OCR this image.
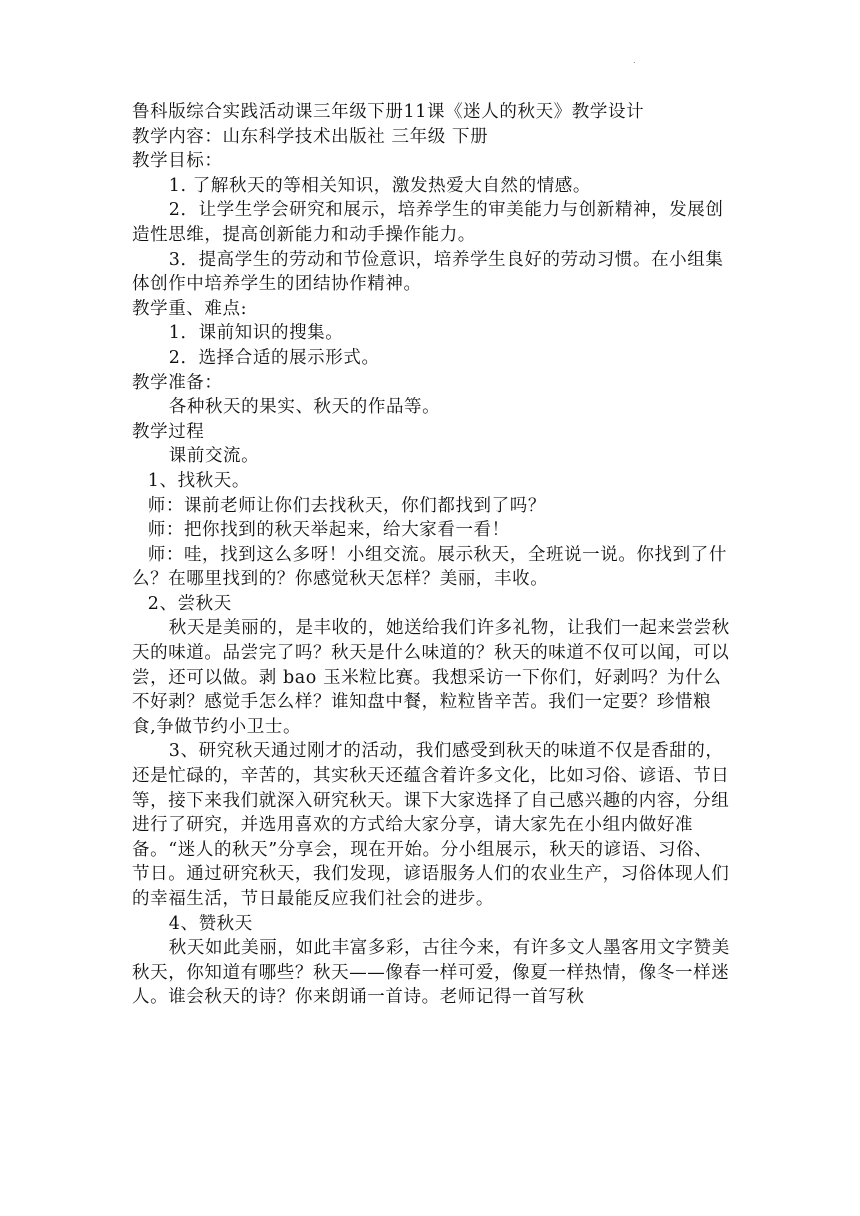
.

鲁科版综合实践活动课三年级下册11课《迷人的秋天》教学设计

教学内容：山东科学技术出版社 三年级 下册

教学目标：

1. 了解秋天的等相关知识，激发热爱大自然的情感。

2．让学生学会研究和展示，培养学生的审美能力与创新精神，发展创造性思维，提高创新能力和动手操作能力。

3．提高学生的劳动和节俭意识，培养学生良好的劳动习惯。在小组集体创作中培养学生的团结协作精神。

教学重、难点:

1．课前知识的搜集。

2．选择合适的展示形式。

教学准备：

各种秋天的果实、秋天的作品等。

教学过程

课前交流。

1、找秋天。

师：课前老师让你们去找秋天，你们都找到了吗？

师：把你找到的秋天举起来，给大家看一看！

师：哇，找到这么多呀！小组交流。展示秋天，全班说一说。你找到了什么？在哪里找到的？你感觉秋天怎样？美丽，丰收。

2、尝秋天

秋天是美丽的，是丰收的，她送给我们许多礼物，让我们一起来尝尝秋天的味道。品尝完了吗？秋天是什么味道的？秋天的味道不仅可以闻，可以尝，还可以做。剥 bao 玉米粒比赛。我想采访一下你们，好剥吗？为什么不好剥？感觉手怎么样？谁知盘中餐，粒粒皆辛苦。我们一定要？珍惜粮食,争做节约小卫士。

3、研究秋天通过刚才的活动，我们感受到秋天的味道不仅是香甜的，还是忙碌的，辛苦的，其实秋天还蕴含着许多文化，比如习俗、谚语、节日等，接下来我们就深入研究秋天。课下大家选择了自己感兴趣的内容，分组进行了研究，并选用喜欢的方式给大家分享，请大家先在小组内做好准备。“迷人的秋天”分享会，现在开始。分小组展示，秋天的谚语、习俗、节日。通过研究秋天，我们发现，谚语服务人们的农业生产，习俗体现人们的幸福生活，节日最能反应我们社会的进步。

4、赞秋天

秋天如此美丽，如此丰富多彩，古往今来，有许多文人墨客用文字赞美秋天，你知道有哪些？秋天——像春一样可爱，像夏一样热情，像冬一样迷人。谁会秋天的诗？你来朗诵一首诗。老师记得一首写秋
